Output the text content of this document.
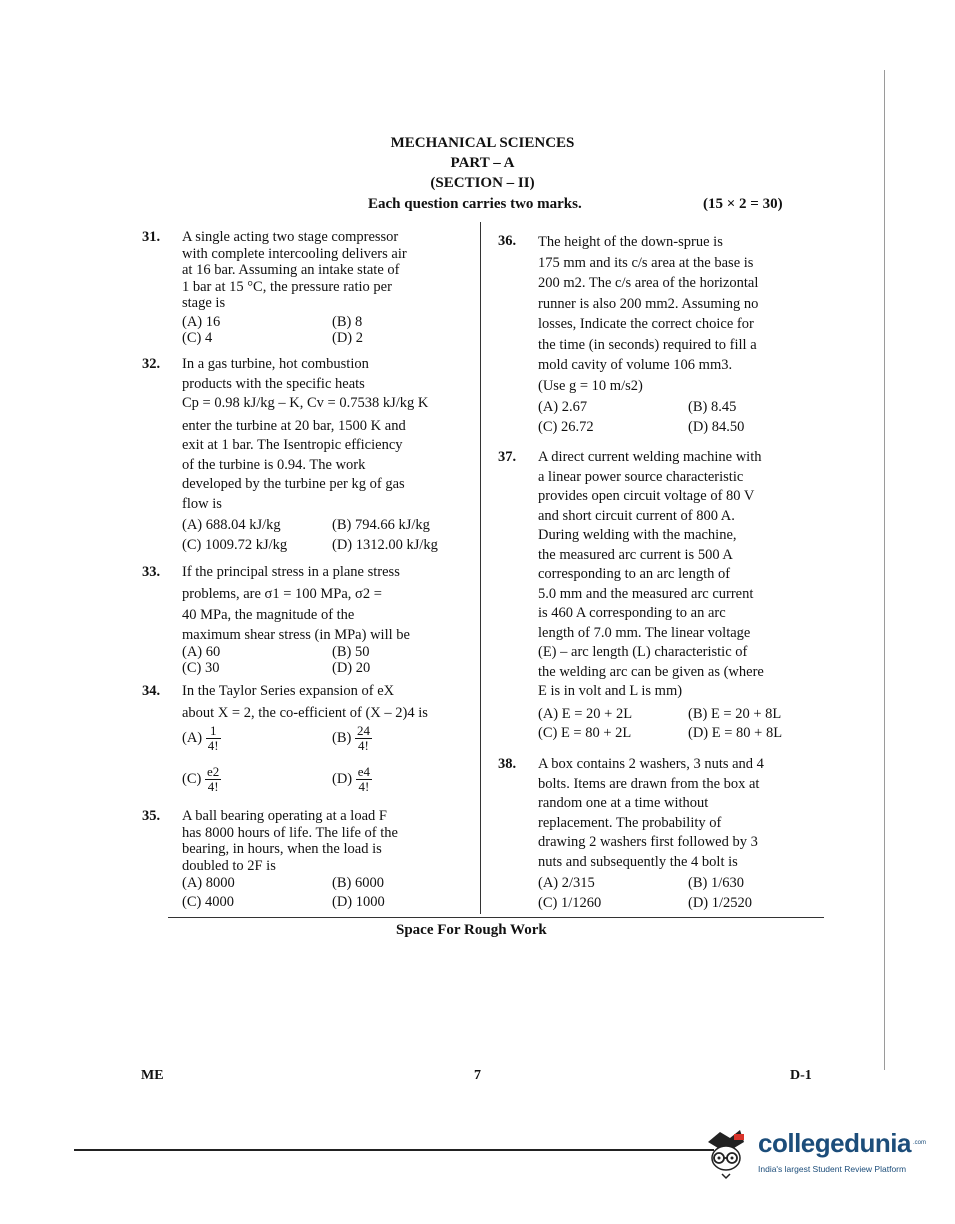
MECHANICAL SCIENCES
PART – A
(SECTION – II)
Each question carries two marks.	(15 × 2 = 30)
31. A single acting two stage compressor
with complete intercooling delivers air
at 16 bar. Assuming an intake state of
1 bar at 15 °C, the pressure ratio per
stage is
(A) 16	(B) 8
(C) 4	(D) 2
32. In a gas turbine, hot combustion
products with the specific heats
Cp = 0.98 kJ/kg – K, Cv = 0.7538 kJ/kg K
enter the turbine at 20 bar, 1500 K and
exit at 1 bar. The Isentropic efficiency
of the turbine is 0.94. The work
developed by the turbine per kg of gas
flow is
(A) 688.04 kJ/kg	(B) 794.66 kJ/kg
(C) 1009.72 kJ/kg	(D) 1312.00 kJ/kg
33. If the principal stress in a plane stress
problems, are σ1 = 100 MPa, σ2 =
40 MPa, the magnitude of the
maximum shear stress (in MPa) will be
(A) 60	(B) 50
(C) 30	(D) 20
34. In the Taylor Series expansion of eX
about X = 2, the co-efficient of (X – 2)4 is
$(A) \frac{1}{4!}$	$(B) \frac{24}{4!}$
$(C) \frac{e2}{4!}$	$(D) \frac{e4}{4!}$
35. A ball bearing operating at a load F
has 8000 hours of life. The life of the
bearing, in hours, when the load is
doubled to 2F is
(A) 8000	(B) 6000
(C) 4000	(D) 1000
36. The height of the down-sprue is
175 mm and its c/s area at the base is
200 m2. The c/s area of the horizontal
runner is also 200 mm2. Assuming no
losses, Indicate the correct choice for
the time (in seconds) required to fill a
mold cavity of volume 106 mm3.
(Use g = 10 m/s2)
(A) 2.67	(B) 8.45
(C) 26.72	(D) 84.50
37. A direct current welding machine with
a linear power source characteristic
provides open circuit voltage of 80 V
and short circuit current of 800 A.
During welding with the machine,
the measured arc current is 500 A
corresponding to an arc length of
5.0 mm and the measured arc current
is 460 A corresponding to an arc
length of 7.0 mm. The linear voltage
(E) – arc length (L) characteristic of
the welding arc can be given as (where
E is in volt and L is mm)
(A) E = 20 + 2L	(B) E = 20 + 8L
(C) E = 80 + 2L	(D) E = 80 + 8L
38. A box contains 2 washers, 3 nuts and 4
bolts. Items are drawn from the box at
random one at a time without
replacement. The probability of
drawing 2 washers first followed by 3
nuts and subsequently the 4 bolt is
(A) 2/315	(B) 1/630
(C) 1/1260	(D) 1/2520
Space For Rough Work
ME	7	D-1
collegedunia .com
India's largest Student Review Platform
